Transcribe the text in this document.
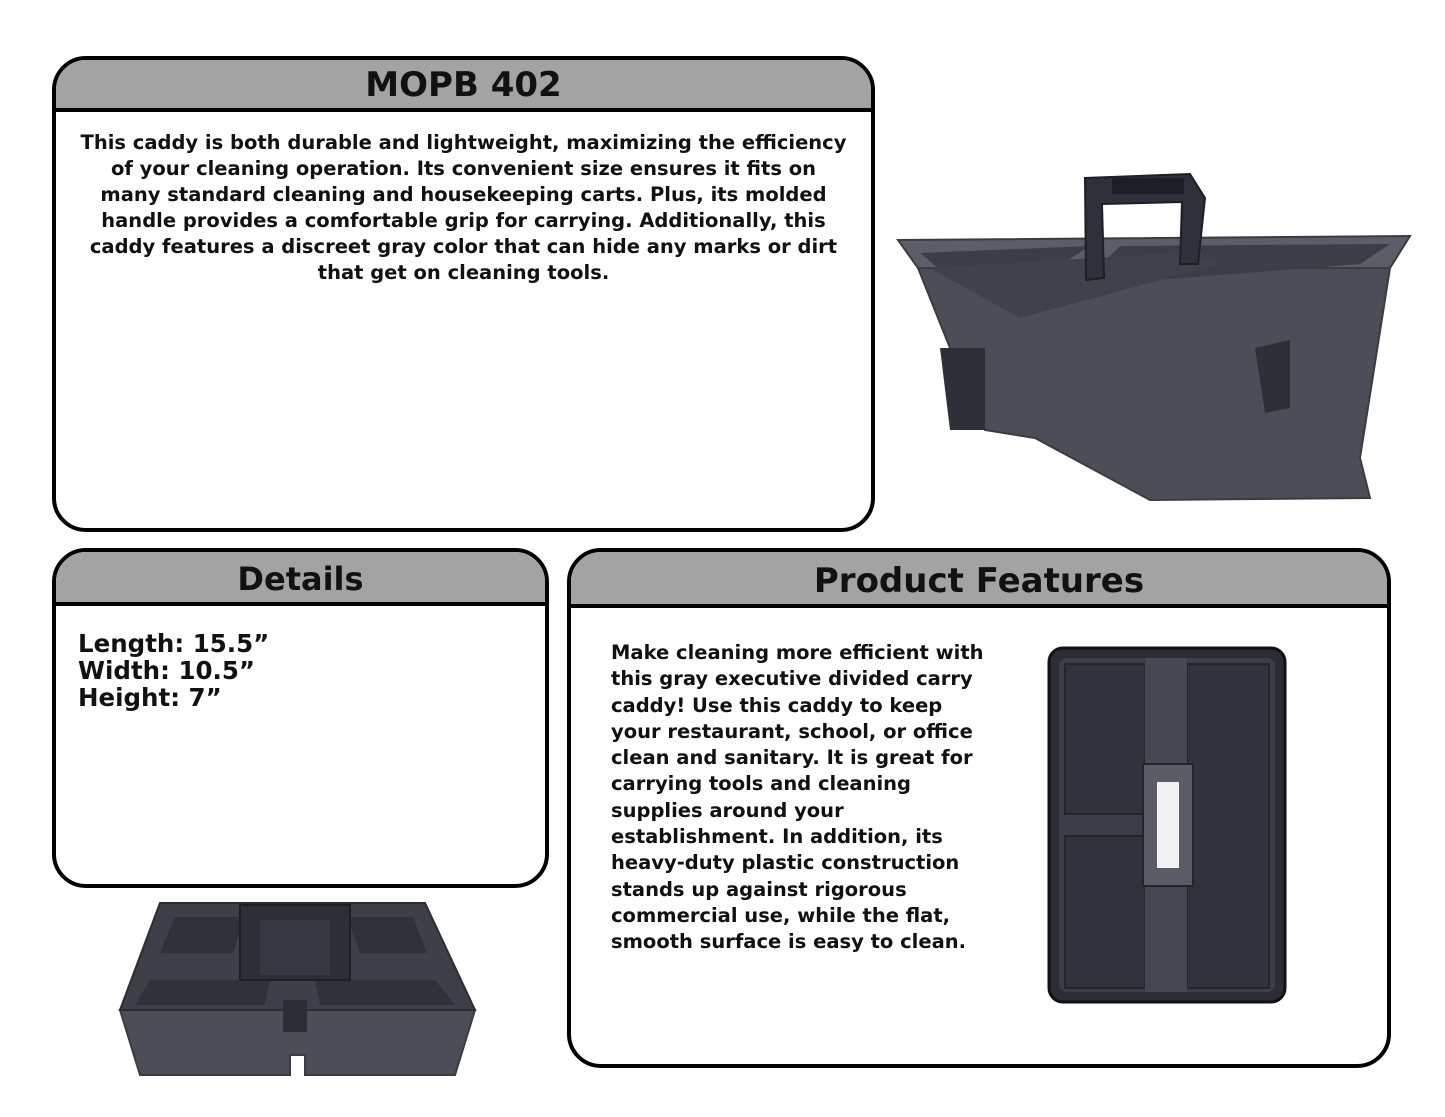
MOPB 402
This caddy is both durable and lightweight, maximizing the efficiency of your cleaning operation. Its convenient size ensures it fits on many standard cleaning and housekeeping carts. Plus, its molded handle provides a comfortable grip for carrying. Additionally, this caddy features a discreet gray color that can hide any marks or dirt that get on cleaning tools.
Details
Length: 15.5”
Width: 10.5”
Height: 7”
Product Features
Make cleaning more efficient with this gray executive divided carry caddy! Use this caddy to keep your restaurant, school, or office clean and sanitary. It is great for carrying tools and cleaning supplies around your establishment. In addition, its heavy-duty plastic construction stands up against rigorous commercial use, while the flat, smooth surface is easy to clean.
